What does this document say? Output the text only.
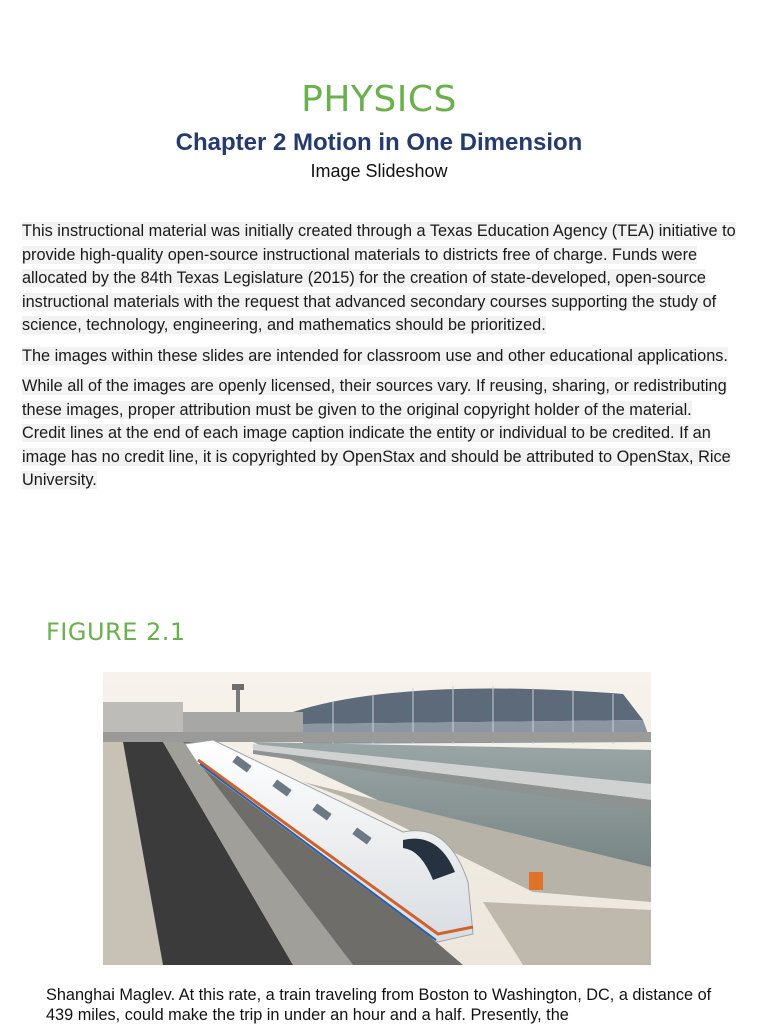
PHYSICS
Chapter 2 Motion in One Dimension
Image Slideshow

This instructional material was initially created through a Texas Education Agency (TEA) initiative to provide high-quality open-source instructional materials to districts free of charge. Funds were allocated by the 84th Texas Legislature (2015) for the creation of state-developed, open-source instructional materials with the request that advanced secondary courses supporting the study of science, technology, engineering, and mathematics should be prioritized.

The images within these slides are intended for classroom use and other educational applications.

While all of the images are openly licensed, their sources vary. If reusing, sharing, or redistributing these images, proper attribution must be given to the original copyright holder of the material. Credit lines at the end of each image caption indicate the entity or individual to be credited. If an image has no credit line, it is copyrighted by OpenStax and should be attributed to OpenStax, Rice University.

FIGURE 2.1
Shanghai Maglev. At this rate, a train traveling from Boston to Washington, DC, a distance of 439 miles, could make the trip in under an hour and a half. Presently, the
